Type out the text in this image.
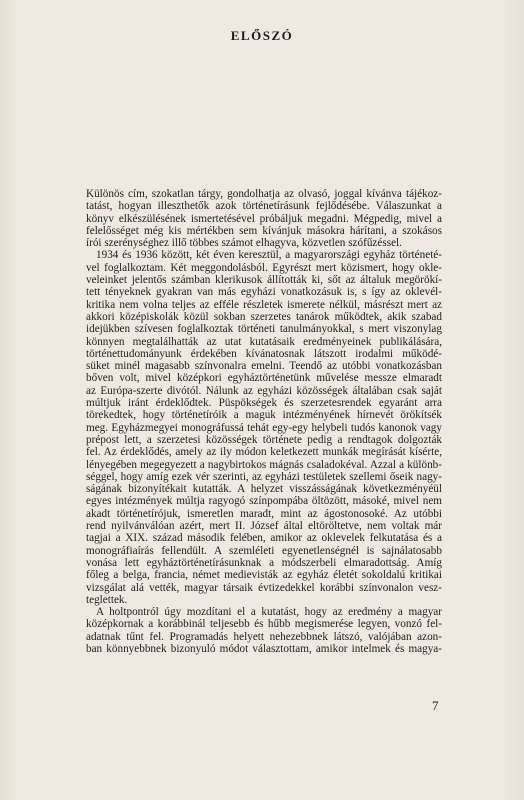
ELŐSZÓ
Különös cím, szokatlan tárgy, gondolhatja az olvasó, joggal kívánva tájékoz-
tatást, hogyan illeszthetők azok történetírásunk fejlődésébe. Válaszunkat a
könyv elkészülésének ismertetésével próbáljuk megadni. Mégpedig, mivel a
felelősséget még kis mértékben sem kívánjuk másokra hárítani, a szokásos
írói szerénységhez illő többes számot elhagyva, közvetlen szófűzéssel.
1934 és 1936 között, két éven keresztül, a magyarországi egyház történeté-
vel foglalkoztam. Két meggondolásból. Egyrészt mert közismert, hogy okle-
veleinket jelentős számban klerikusok állították ki, sőt az általuk megörökí-
tett tényeknek gyakran van más egyházi vonatkozásuk is, s így az oklevél-
kritika nem volna teljes az efféle részletek ismerete nélkül, másrészt mert az
akkori középiskolák közül sokban szerzetes tanárok működtek, akik szabad
idejükben szívesen foglalkoztak történeti tanulmányokkal, s mert viszonylag
könnyen megtalálhatták az utat kutatásaik eredményeinek publikálására,
történettudományunk érdekében kívánatosnak látszott irodalmi működé-
süket minél magasabb színvonalra emelni. Teendő az utóbbi vonatkozásban
bőven volt, mivel középkori egyháztörténetünk művelése messze elmaradt
az Európa-szerte divótól. Nálunk az egyházi közösségek általában csak saját
múltjuk iránt érdeklődtek. Püspökségek és szerzetesrendek egyaránt arra
törekedtek, hogy történetíróik a maguk intézményének hírnevét örökítsék
meg. Egyházmegyei monográfussá tehát egy-egy helybeli tudós kanonok vagy
prépost lett, a szerzetesi közösségek története pedig a rendtagok dolgozták
fel. Az érdeklődés, amely az ily módon keletkezett munkák megírását kísérte,
lényegében megegyezett a nagybirtokos mágnás csaladokéval. Azzal a különb-
séggel, hogy amíg ezek vér szerinti, az egyházi testületek szellemi őseik nagy-
ságának bizonyítékait kutatták. A helyzet visszásságának következményéül
egyes intézmények múltja ragyogó színpompába öltözött, másoké, mivel nem
akadt történetírójuk, ismeretlen maradt, mint az ágostonosoké. Az utóbbi
rend nyilvánválóan azért, mert II. József által eltöröltetve, nem voltak már
tagjai a XIX. század második felében, amikor az oklevelek felkutatása és a
monográfiaírás fellendült. A szemléleti egyenetlenségnél is sajnálatosabb
vonása lett egyháztörténetírásunknak a módszerbeli elmaradottság. Amíg
főleg a belga, francia, német medievisták az egyház életét sokoldalú kritikai
vizsgálat alá vették, magyar társaik évtizedekkel korábbi színvonalon vesz-
teglettek.
A holtpontról úgy mozdítani el a kutatást, hogy az eredmény a magyar
középkornak a korábbinál teljesebb és hűbb megismerése legyen, vonzó fel-
adatnak tűnt fel. Programadás helyett nehezebbnek látszó, valójában azon-
ban könnyebbnek bizonyuló módot választottam, amikor intelmek és magya-
7
